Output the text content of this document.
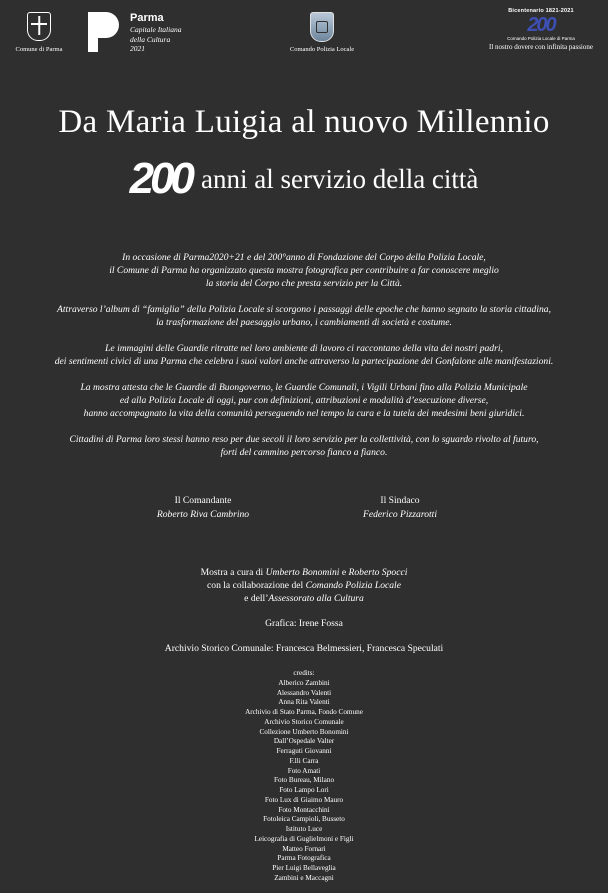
Comune di Parma
Parma
Capitale Italiana
della Cultura
2021	Comando Polizia Locale
Bicentenario 1821-2021
200
Comando Polizia Locale di Parma
Il nostro dovere con infinita passione
Da Maria Luigia al nuovo Millennio
200 anni al servizio della città

In occasione di Parma2020+21 e del 200°anno di Fondazione del Corpo della Polizia Locale,
il Comune di Parma ha organizzato questa mostra fotografica per contribuire a far conoscere meglio
la storia del Corpo che presta servizio per la Città.

Attraverso l’album di “famiglia” della Polizia Locale si scorgono i passaggi delle epoche che hanno segnato la storia cittadina,
la trasformazione del paesaggio urbano, i cambiamenti di società e costume.

Le immagini delle Guardie ritratte nel loro ambiente di lavoro ci raccontano della vita dei nostri padri,
dei sentimenti civici di una Parma che celebra i suoi valori anche attraverso la partecipazione del Gonfalone alle manifestazioni.

La mostra attesta che le Guardie di Buongoverno, le Guardie Comunali, i Vigili Urbani fino alla Polizia Municipale
ed alla Polizia Locale di oggi, pur con definizioni, attribuzioni e modalità d’esecuzione diverse,
hanno accompagnato la vita della comunità perseguendo nel tempo la cura e la tutela dei medesimi beni giuridici.

Cittadini di Parma loro stessi hanno reso per due secoli il loro servizio per la collettività, con lo sguardo rivolto al futuro,
forti del cammino percorso fianco a fianco.

Il Comandante
Roberto Riva Cambrino
Il Sindaco
Federico Pizzarotti
Mostra a cura di Umberto Bonomini e Roberto Spocci
con la collaborazione del Comando Polizia Locale
e dell’Assessorato alla Cultura
Grafica: Irene Fossa
Archivio Storico Comunale: Francesca Belmessieri, Francesca Speculati
credits:
Alberico Zambini
Alessandro Valenti
Anna Rita Valenti
Archivio di Stato Parma, Fondo Comune
Archivio Storico Comunale
Collezione Umberto Bonomini
Dall’Ospedale Valter
Ferraguti Giovanni
F.lli Carra
Foto Amati
Foto Bureau, Milano
Foto Lampo Lori
Foto Lux di Giaimo Mauro
Foto Montacchini
Fotoleica Campioli, Busseto
Istituto Luce
Leicografia di Guglielmoni e Figli
Matteo Fornari
Parma Fotografica
Pier Luigi Bellaveglia
Zambini e Maccagni
